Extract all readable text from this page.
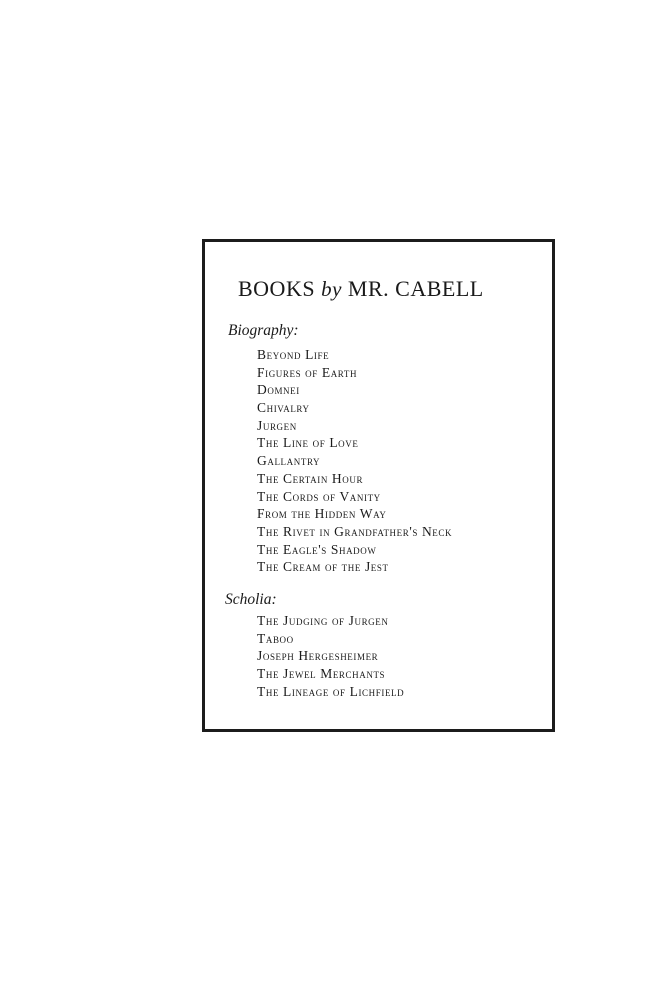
BOOKS by MR. CABELL
Biography:
Beyond Life
Figures of Earth
Domnei
Chivalry
Jurgen
The Line of Love
Gallantry
The Certain Hour
The Cords of Vanity
From the Hidden Way
The Rivet in Grandfather's Neck
The Eagle's Shadow
The Cream of the Jest
Scholia:
The Judging of Jurgen
Taboo
Joseph Hergesheimer
The Jewel Merchants
The Lineage of Lichfield
